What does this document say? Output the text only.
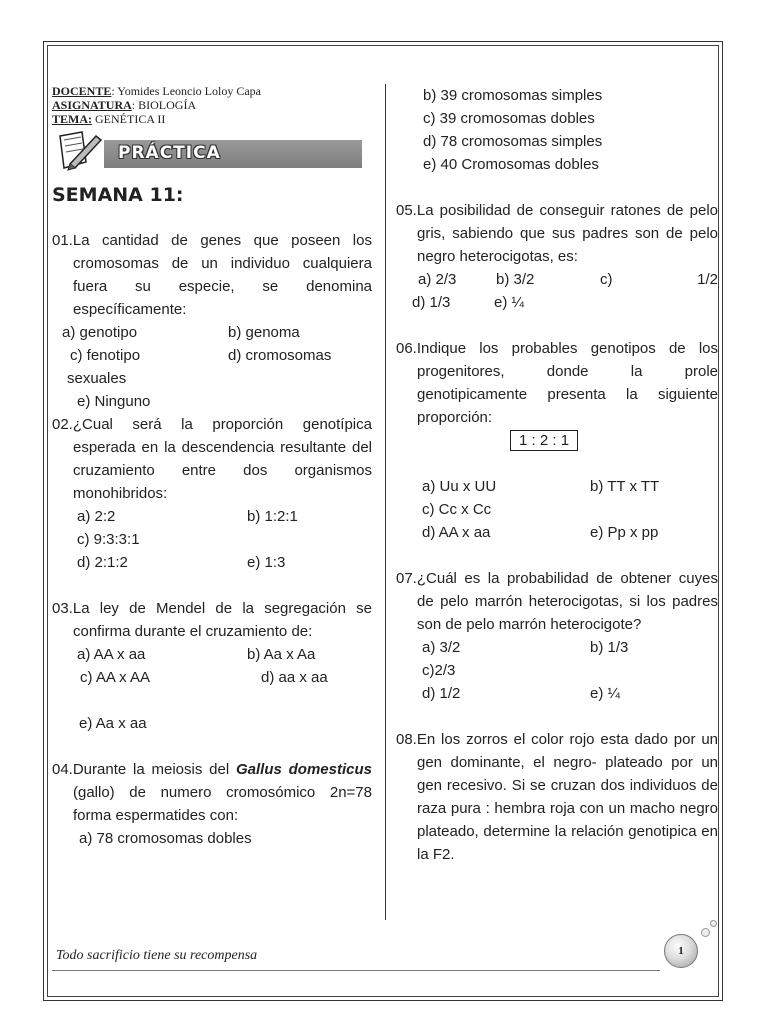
DOCENTE: Yomides Leoncio Loloy Capa
ASIGNATURA: BIOLOGÍA
TEMA: GENÉTICA II
PRÁCTICA
SEMANA 11:

01.La cantidad de genes que poseen los cromosomas de un individuo cualquiera fuera su especie, se denomina específicamente:

a) genotipo	b) genoma
c) fenotipo	d) cromosomas

sexuales

e) Ninguno

02.¿Cual será la proporción genotípica esperada en la descendencia resultante del cruzamiento entre dos organismos monohibridos:

a) 2:2	b) 1:2:1
c) 9:3:3:1
d) 2:1:2	e) 1:3

03.La ley de Mendel de la segregación se confirma durante el cruzamiento de:

a) AA x aa	b) Aa x Aa
c) AA x AA	d) aa x aa

e) Aa x aa

04.Durante la meiosis del Gallus domesticus (gallo) de numero cromosómico 2n=78 forma espermatides con:

a) 78 cromosomas dobles

b) 39 cromosomas simples

c) 39 cromosomas dobles

d) 78 cromosomas simples

e) 40 Cromosomas dobles

05.La posibilidad de conseguir ratones de pelo gris, sabiendo que sus padres son de pelo negro heterocigotas, es:

a) 2/3	b) 3/2	c)	1/2
d) 1/3	e) ¼

06.Indique los probables genotipos de los progenitores, donde la prole genotipicamente presenta la siguiente proporción:

1 : 2 : 1
a) Uu x UU	b) TT x TT
c) Cc x Cc
d) AA x aa	e) Pp x pp

07.¿Cuál es la probabilidad de obtener cuyes de pelo marrón heterocigotas, si los padres son de pelo marrón heterocigote?

a) 3/2	b) 1/3
c)2/3
d) 1/2	e) ¼

08.En los zorros el color rojo esta dado por un gen dominante, el negro- plateado por un gen recesivo. Si se cruzan dos individuos de raza pura : hembra roja con un macho negro plateado, determine la relación genotipica en la F2.

Todo sacrificio tiene su recompensa	1
